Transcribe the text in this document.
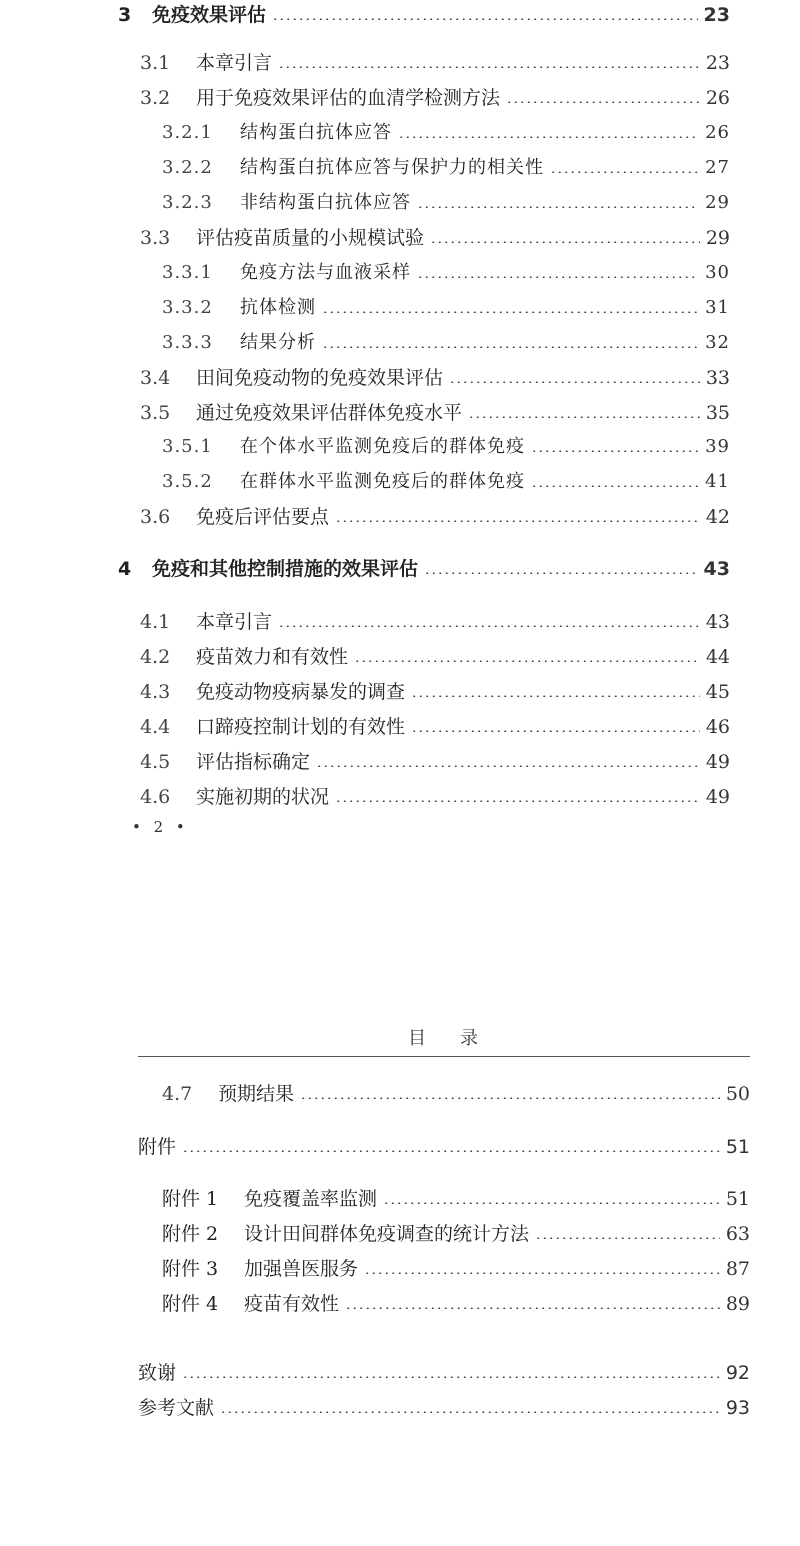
3	免疫效果评估	23
3.1	本章引言	23
3.2	用于免疫效果评估的血清学检测方法	26
3.2.1	结构蛋白抗体应答	26
3.2.2	结构蛋白抗体应答与保护力的相关性	27
3.2.3	非结构蛋白抗体应答	29
3.3	评估疫苗质量的小规模试验	29
3.3.1	免疫方法与血液采样	30
3.3.2	抗体检测	31
3.3.3	结果分析	32
3.4	田间免疫动物的免疫效果评估	33
3.5	通过免疫效果评估群体免疫水平	35
3.5.1	在个体水平监测免疫后的群体免疫	39
3.5.2	在群体水平监测免疫后的群体免疫	41
3.6	免疫后评估要点	42
4	免疫和其他控制措施的效果评估	43
4.1	本章引言	43
4.2	疫苗效力和有效性	44
4.3	免疫动物疫病暴发的调查	45
4.4	口蹄疫控制计划的有效性	46
4.5	评估指标确定	49
4.6	实施初期的状况	49
• 2 •
目录
4.7	预期结果	50
附件	51
附件 1	免疫覆盖率监测	51
附件 2	设计田间群体免疫调查的统计方法	63
附件 3	加强兽医服务	87
附件 4	疫苗有效性	89
致谢	92
参考文献	93
